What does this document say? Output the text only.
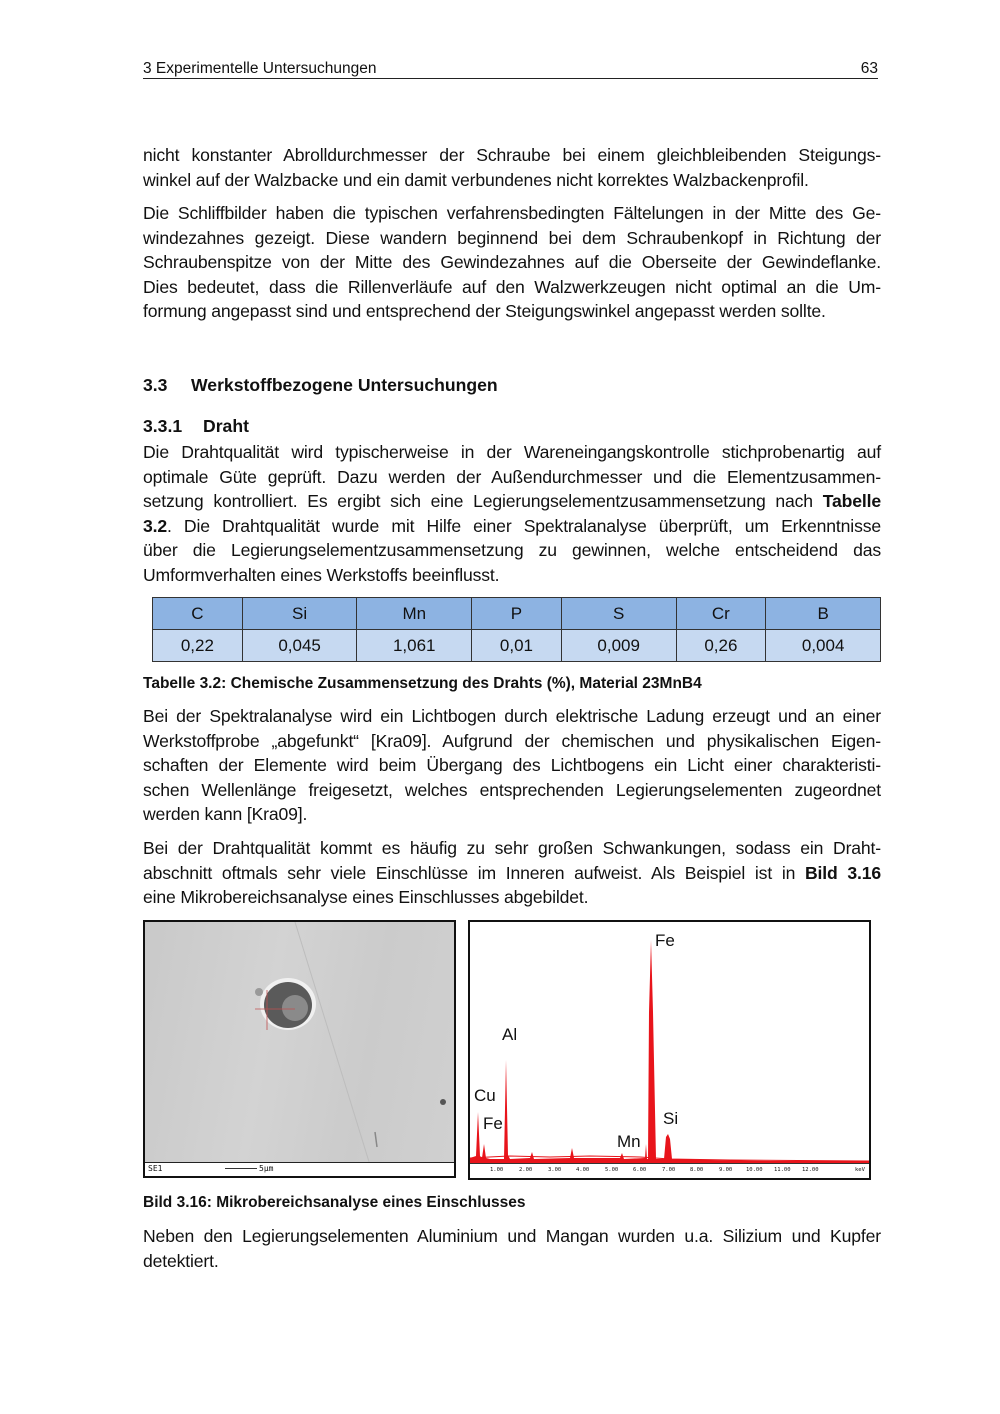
3 Experimentelle Untersuchungen	63
nicht konstanter Abrolldurchmesser der Schraube bei einem gleichbleibenden Steigungs-
winkel auf der Walzbacke und ein damit verbundenes nicht korrektes Walzbackenprofil.
Die Schliffbilder haben die typischen verfahrensbedingten Fältelungen in der Mitte des Ge-
windezahnes gezeigt. Diese wandern beginnend bei dem Schraubenkopf in Richtung der
Schraubenspitze von der Mitte des Gewindezahnes auf die Oberseite der Gewindeflanke.
Dies bedeutet, dass die Rillenverläufe auf den Walzwerkzeugen nicht optimal an die Um-
formung angepasst sind und entsprechend der Steigungswinkel angepasst werden sollte.
3.3 Werkstoffbezogene Untersuchungen
3.3.1 Draht
Die Drahtqualität wird typischerweise in der Wareneingangskontrolle stichprobenartig auf
optimale Güte geprüft. Dazu werden der Außendurchmesser und die Elementzusammen-
setzung kontrolliert. Es ergibt sich eine Legierungselementzusammensetzung nach Tabelle
3.2. Die Drahtqualität wurde mit Hilfe einer Spektralanalyse überprüft, um Erkenntnisse
über die Legierungselementzusammensetzung zu gewinnen, welche entscheidend das
Umformverhalten eines Werkstoffs beeinflusst.
C	Si	Mn	P	S	Cr	B
0,22	0,045	1,061	0,01	0,009	0,26	0,004
Tabelle 3.2: Chemische Zusammensetzung des Drahts (%), Material 23MnB4
Bei der Spektralanalyse wird ein Lichtbogen durch elektrische Ladung erzeugt und an einer
Werkstoffprobe „abgefunkt“ [Kra09]. Aufgrund der chemischen und physikalischen Eigen-
schaften der Elemente wird beim Übergang des Lichtbogens ein Licht einer charakteristi-
schen Wellenlänge freigesetzt, welches entsprechenden Legierungselementen zugeordnet
werden kann [Kra09].
Bei der Drahtqualität kommt es häufig zu sehr großen Schwankungen, sodass ein Draht-
abschnitt oftmals sehr viele Einschlüsse im Inneren aufweist. Als Beispiel ist in Bild 3.16
eine Mikrobereichsanalyse eines Einschlusses abgebildet.
SE1	5µm
Cu
Fe
Al
Mn
Fe
Si
1.00	2.00	3.00	4.00	5.00	6.00	7.00	8.00	9.00	10.00 11.00 12.00	keV
Bild 3.16: Mikrobereichsanalyse eines Einschlusses
Neben den Legierungselementen Aluminium und Mangan wurden u.a. Silizium und Kupfer
detektiert.
